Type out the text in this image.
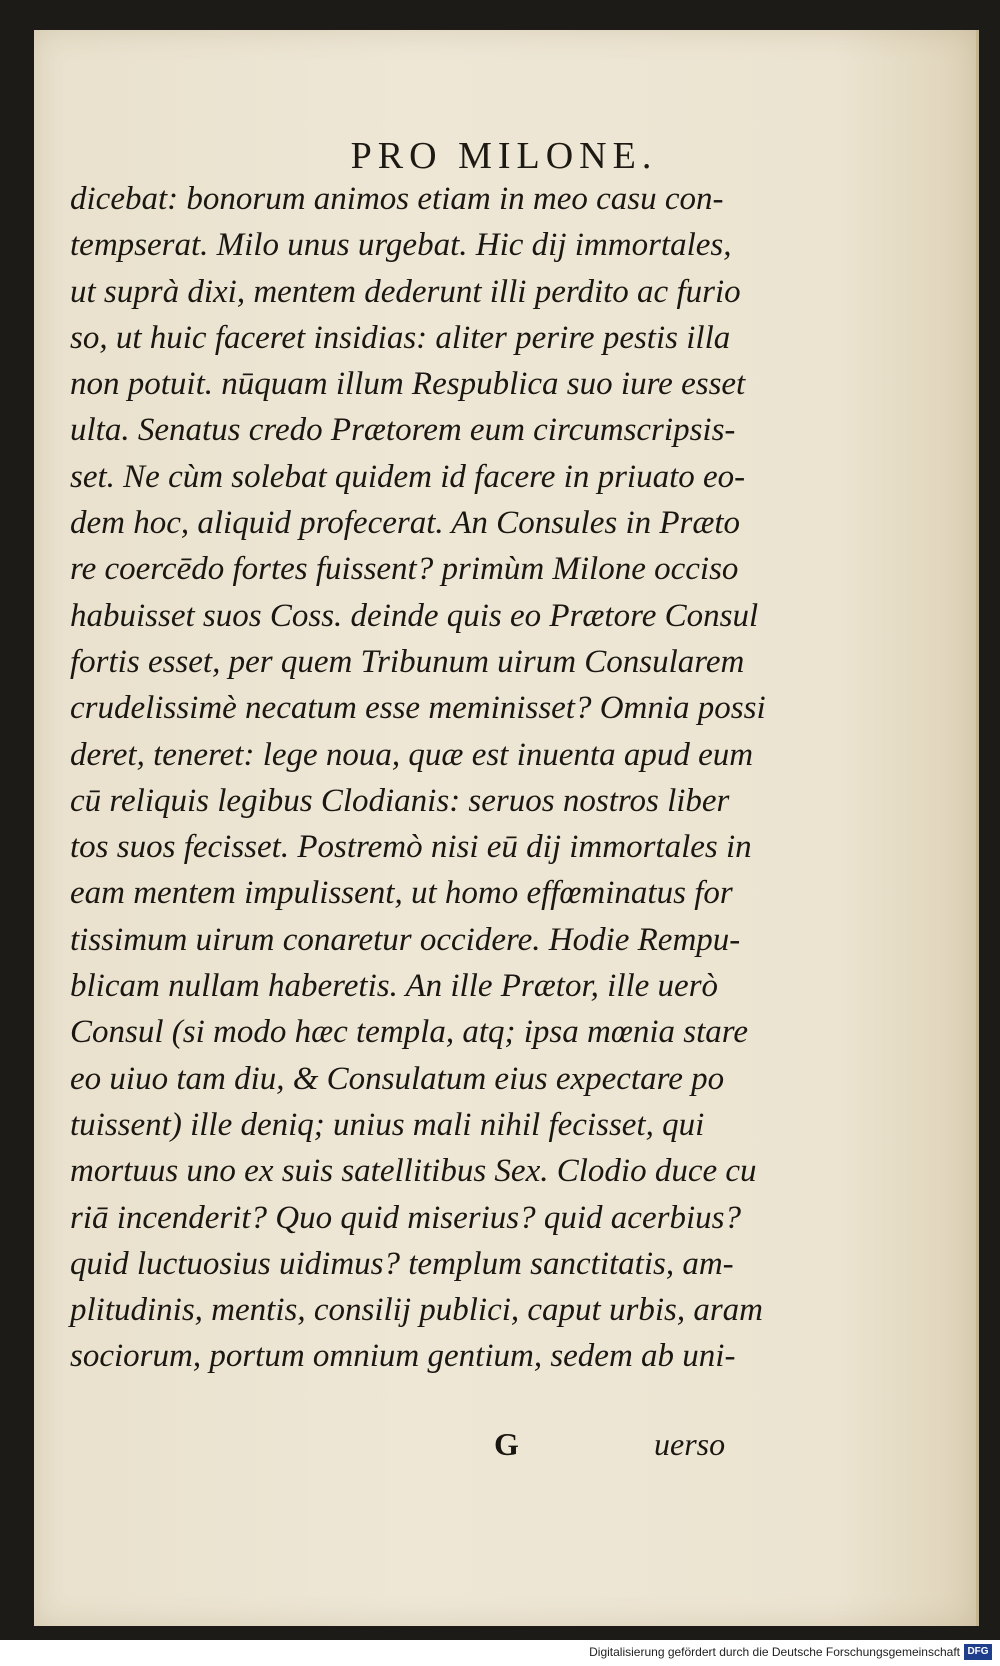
PRO MILONE.
dicebat: bonorum animos etiam in meo casu con-
tempserat. Milo unus urgebat. Hic dij immortales,
ut suprà dixi, mentem dederunt illi perdito ac furio
so, ut huic faceret insidias: aliter perire pestis illa
non potuit. nūquam illum Respublica suo iure esset
ulta. Senatus credo Prætorem eum circumscripsis-
set. Ne cùm solebat quidem id facere in priuato eo-
dem hoc, aliquid profecerat. An Consules in Præto
re coercēdo fortes fuissent? primùm Milone occiso
habuisset suos Coss. deinde quis eo Prætore Consul
fortis esset, per quem Tribunum uirum Consularem
crudelissimè necatum esse meminisset? Omnia possi
deret, teneret: lege noua, quæ est inuenta apud eum
cū reliquis legibus Clodianis: seruos nostros liber
tos suos fecisset. Postremò nisi eū dij immortales in
eam mentem impulissent, ut homo effœminatus for
tissimum uirum conaretur occidere. Hodie Rempu-
blicam nullam haberetis. An ille Prætor, ille uerò
Consul (si modo hæc templa, atq; ipsa mœnia stare
eo uiuo tam diu, & Consulatum eius expectare po
tuissent) ille deniq; unius mali nihil fecisset, qui
mortuus uno ex suis satellitibus Sex. Clodio duce cu
riā incenderit? Quo quid miserius? quid acerbius?
quid luctuosius uidimus? templum sanctitatis, am-
plitudinis, mentis, consilij publici, caput urbis, aram
sociorum, portum omnium gentium, sedem ab uni-
G	uerso
Digitalisierung gefördert durch die Deutsche Forschungsgemeinschaft DFG
